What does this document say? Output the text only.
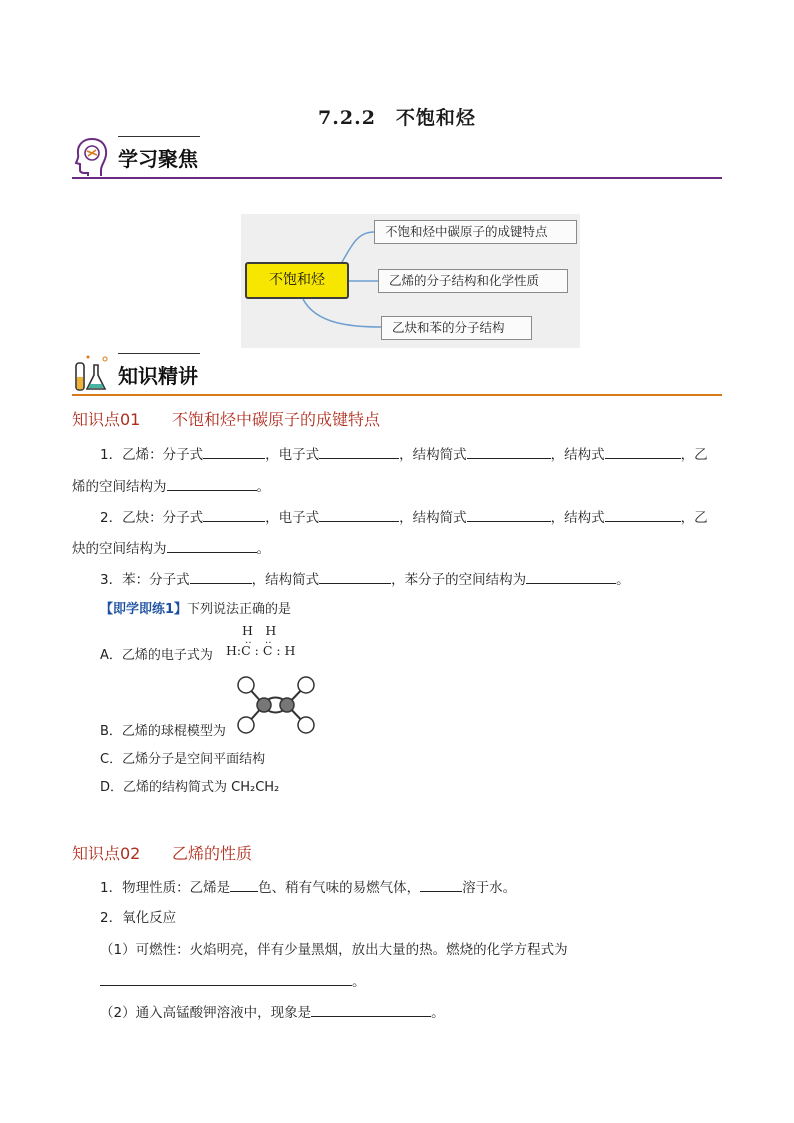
7.2.2　不饱和烃
学习聚焦
不饱和烃
不饱和烃中碳原子的成键特点
乙烯的分子结构和化学性质
乙炔和苯的分子结构
知识精讲
知识点01 不饱和烃中碳原子的成键特点
1．乙烯：分子式	，电子式	，结构简式	，结构式	，乙
烯的空间结构为	。
2．乙炔：分子式	，电子式	，结构简式	，结构式	，乙
炔的空间结构为	。
3．苯：分子式	，结构简式	，苯分子的空间结构为	。
【即学即练1】下列说法正确的是
A．乙烯的电子式为
H　H
‥　 ‥
H:C : C : H
B．乙烯的球棍模型为
C．乙烯分子是空间平面结构
D．乙烯的结构简式为 CH₂CH₂
知识点02 乙烯的性质
1．物理性质：乙烯是 色、稍有气味的易燃气体，	溶于水。
2．氧化反应
（1）可燃性：火焰明亮，伴有少量黑烟，放出大量的热。燃烧的化学方程式为
。
（2）通入高锰酸钾溶液中，现象是	。
